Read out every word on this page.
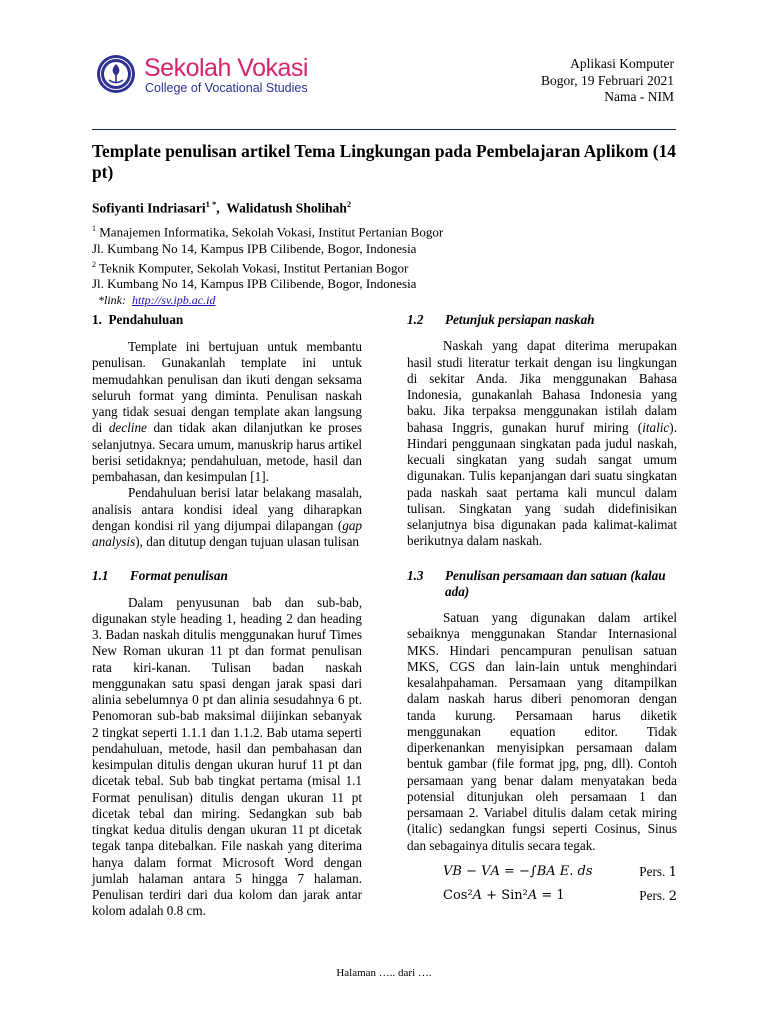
Sekolah Vokasi
College of Vocational Studies
Aplikasi Komputer
Bogor, 19 Februari 2021
Nama - NIM
Template penulisan artikel Tema Lingkungan pada Pembelajaran Aplikom (14 pt)
Sofiyanti Indriasari$^{1 *}$, Walidatush Sholihah$^2$
$^1$ Manajemen Informatika, Sekolah Vokasi, Institut Pertanian Bogor
Jl. Kumbang No 14, Kampus IPB Cilibende, Bogor, Indonesia
$^2$ Teknik Komputer, Sekolah Vokasi, Institut Pertanian Bogor
Jl. Kumbang No 14, Kampus IPB Cilibende, Bogor, Indonesia
*link: http://sv.ipb.ac.id
1. Pendahuluan

Template ini bertujuan untuk membantu penulisan. Gunakanlah template ini untuk memudahkan penulisan dan ikuti dengan seksama seluruh format yang diminta. Penulisan naskah yang tidak sesuai dengan template akan langsung di decline dan tidak akan dilanjutkan ke proses selanjutnya. Secara umum, manuskrip harus artikel berisi setidaknya; pendahuluan, metode, hasil dan pembahasan, dan kesimpulan [1].

Pendahuluan berisi latar belakang masalah, analisis antara kondisi ideal yang diharapkan dengan kondisi ril yang dijumpai dilapangan (gap analysis), dan ditutup dengan tujuan ulasan tulisan

1.1 Format penulisan

Dalam penyusunan bab dan sub-bab, digunakan style heading 1, heading 2 dan heading 3. Badan naskah ditulis menggunakan huruf Times New Roman ukuran 11 pt dan format penulisan rata kiri-kanan. Tulisan badan naskah menggunakan satu spasi dengan jarak spasi dari alinia sebelumnya 0 pt dan alinia sesudahnya 6 pt. Penomoran sub-bab maksimal diijinkan sebanyak 2 tingkat seperti 1.1.1 dan 1.1.2. Bab utama seperti pendahuluan, metode, hasil dan pembahasan dan kesimpulan ditulis dengan ukuran huruf 11 pt dan dicetak tebal. Sub bab tingkat pertama (misal 1.1 Format penulisan) ditulis dengan ukuran 11 pt dicetak tebal dan miring. Sedangkan sub bab tingkat kedua ditulis dengan ukuran 11 pt dicetak tegak tanpa ditebalkan. File naskah yang diterima hanya dalam format Microsoft Word dengan jumlah halaman antara 5 hingga 7 halaman. Penulisan terdiri dari dua kolom dan jarak antar kolom adalah 0.8 cm.

1.2 Petunjuk persiapan naskah

Naskah yang dapat diterima merupakan hasil studi literatur terkait dengan isu lingkungan di sekitar Anda. Jika menggunakan Bahasa Indonesia, gunakanlah Bahasa Indonesia yang baku. Jika terpaksa menggunakan istilah dalam bahasa Inggris, gunakan huruf miring (italic). Hindari penggunaan singkatan pada judul naskah, kecuali singkatan yang sudah sangat umum digunakan. Tulis kepanjangan dari suatu singkatan pada naskah saat pertama kali muncul dalam tulisan. Singkatan yang sudah didefinisikan selanjutnya bisa digunakan pada kalimat-kalimat berikutnya dalam naskah.

1.3 Penulisan persamaan dan satuan (kalau ada)

Satuan yang digunakan dalam artikel sebaiknya menggunakan Standar Internasional MKS. Hindari pencampuran penulisan satuan MKS, CGS dan lain-lain untuk menghindari kesalahpahaman. Persamaan yang ditampilkan dalam naskah harus diberi penomoran dengan tanda kurung. Persamaan harus diketik menggunakan equation editor. Tidak diperkenankan menyisipkan persamaan dalam bentuk gambar (file format jpg, png, dll). Contoh persamaan yang benar dalam menyatakan beda potensial ditunjukan oleh persamaan 1 dan persamaan 2. Variabel ditulis dalam cetak miring (italic) sedangkan fungsi seperti Cosinus, Sinus dan sebagainya ditulis secara tegak.

𝑉𝐵 − 𝑉𝐴 = −∫𝐵𝐴 𝐸. 𝑑𝑠	Pers. 1
Cos²𝐴 + Sin²𝐴 = 1	Pers. 2
Halaman ….. dari ….
